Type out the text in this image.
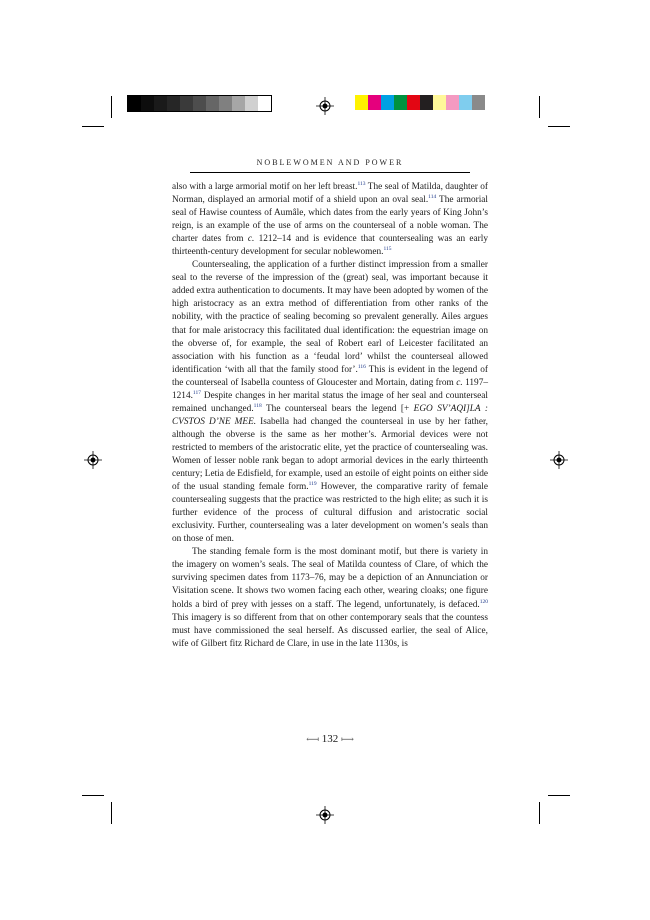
NOBLEWOMEN AND POWER

also with a large armorial motif on her left breast.$^{113}$ The seal of Matilda, daughter of Norman, displayed an armorial motif of a shield upon an oval seal.$^{114}$ The armorial seal of Hawise countess of Aumâle, which dates from the early years of King John’s reign, is an example of the use of arms on the counterseal of a noble woman. The charter dates from c. 1212–14 and is evidence that countersealing was an early thirteenth-century development for secular noblewomen.$^{115}$

Countersealing, the application of a further distinct impression from a smaller seal to the reverse of the impression of the (great) seal, was important because it added extra authentication to documents. It may have been adopted by women of the high aristocracy as an extra method of differentiation from other ranks of the nobility, with the practice of sealing becoming so prevalent generally. Ailes argues that for male aristocracy this facilitated dual identification: the equestrian image on the obverse of, for example, the seal of Robert earl of Leicester facilitated an association with his function as a ‘feudal lord’ whilst the counterseal allowed identification ‘with all that the family stood for’.$^{116}$ This is evident in the legend of the counterseal of Isabella countess of Gloucester and Mortain, dating from c. 1197–1214.$^{117}$ Despite changes in her marital status the image of her seal and counterseal remained unchanged.$^{118}$ The counterseal bears the legend [+ EGO SV’AQI]LA : CVSTOS D’NE MEE. Isabella had changed the counterseal in use by her father, although the obverse is the same as her mother’s. Armorial devices were not restricted to members of the aristocratic elite, yet the practice of countersealing was. Women of lesser noble rank began to adopt armorial devices in the early thirteenth century; Letia de Edisfield, for example, used an estoile of eight points on either side of the usual standing female form.$^{119}$ However, the comparative rarity of female countersealing suggests that the practice was restricted to the high elite; as such it is further evidence of the process of cultural diffusion and aristocratic social exclusivity. Further, countersealing was a later development on women’s seals than on those of men.

The standing female form is the most dominant motif, but there is variety in the imagery on women’s seals. The seal of Matilda countess of Clare, of which the surviving specimen dates from 1173–76, may be a depiction of an Annunciation or Visitation scene. It shows two women facing each other, wearing cloaks; one figure holds a bird of prey with jesses on a staff. The legend, unfortunately, is defaced.$^{120}$ This imagery is so different from that on other contemporary seals that the countess must have commissioned the seal herself. As discussed earlier, the seal of Alice, wife of Gilbert fitz Richard de Clare, in use in the late 1130s, is

⟻ 132 ⟼
